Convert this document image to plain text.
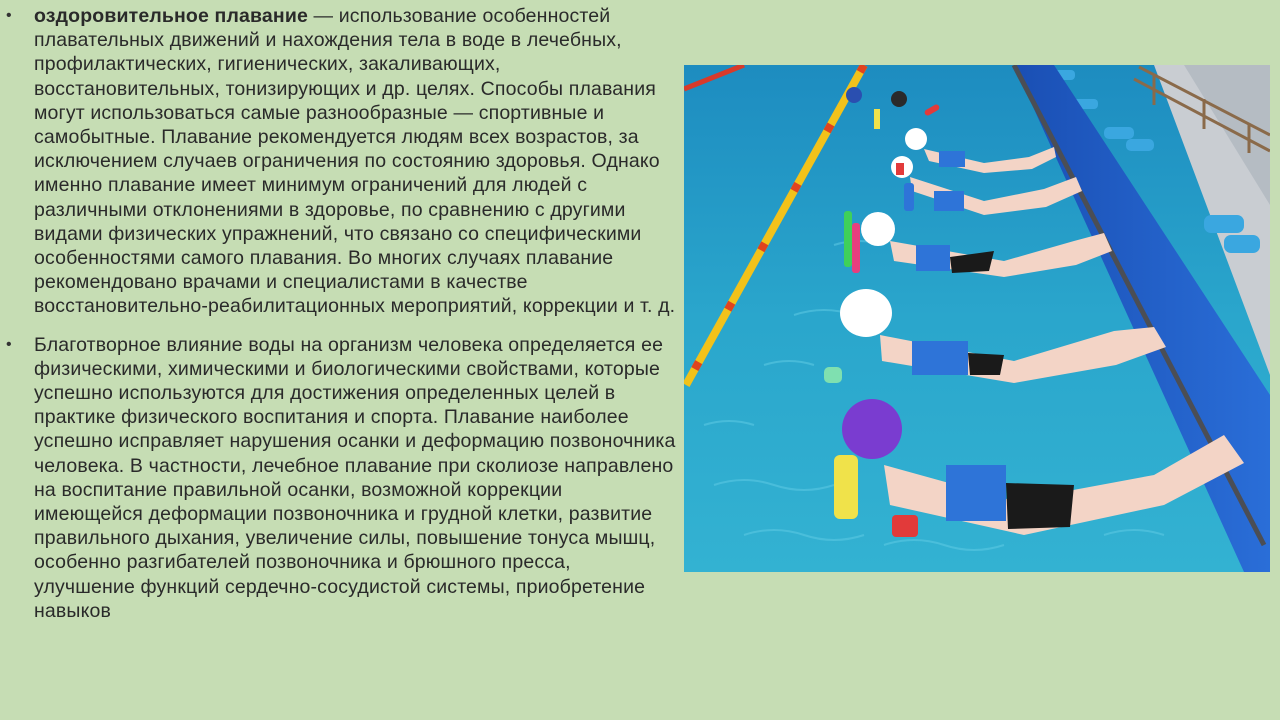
• оздоровительное плавание — использование особенностей плавательных движений и нахождения тела в воде в лечебных, профилактических, гигиенических, закаливающих, восстановительных, тонизирующих и др. целях. Способы плавания могут использоваться самые разнообразные — спортивные и самобытные. Плавание рекомендуется людям всех возрастов, за исключением случаев ограничения по состоянию здоровья. Однако именно плавание имеет минимум ограничений для людей с различными отклонениями в здоровье, по сравнению с другими видами физических упражнений, что связано со специфическими особенностями самого плавания. Во многих случаях плавание рекомендовано врачами и специалистами в качестве восстановительно-реабилитационных мероприятий, коррекции и т. д.

• Благотворное влияние воды на организм человека определяется ее физическими, химическими и биологическими свойствами, которые успешно используются для достижения определенных целей в практике физического воспитания и спорта. Плавание наиболее успешно исправляет нарушения осанки и деформацию позвоночника человека. В частности, лечебное плавание при сколиозе направлено на воспитание правильной осанки, возможной коррекции имеющейся деформации позвоночника и грудной клетки, развитие правильного дыхания, увеличение силы, повышение тонуса мышц, особенно разгибателей позвоночника и брюшного пресса, улучшение функций сердечно-сосудистой системы, приобретение навыков
